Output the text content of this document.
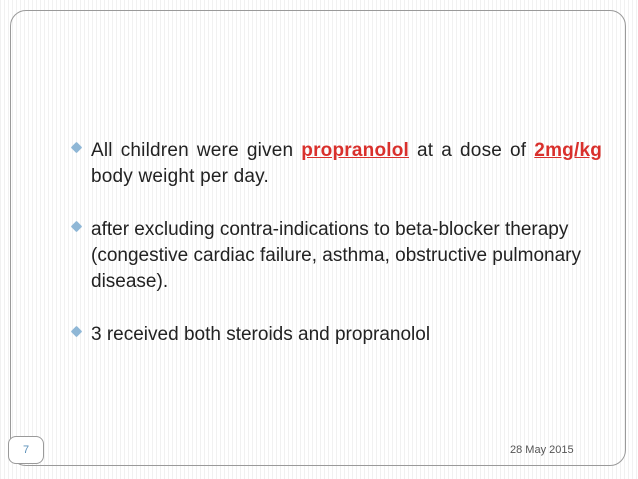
All children were given propranolol at a dose of 2mg/kg body weight per day.
after excluding contra-indications to beta-blocker therapy (congestive cardiac failure, asthma, obstructive pulmonary disease).
3 received both steroids and propranolol
7	28 May 2015
